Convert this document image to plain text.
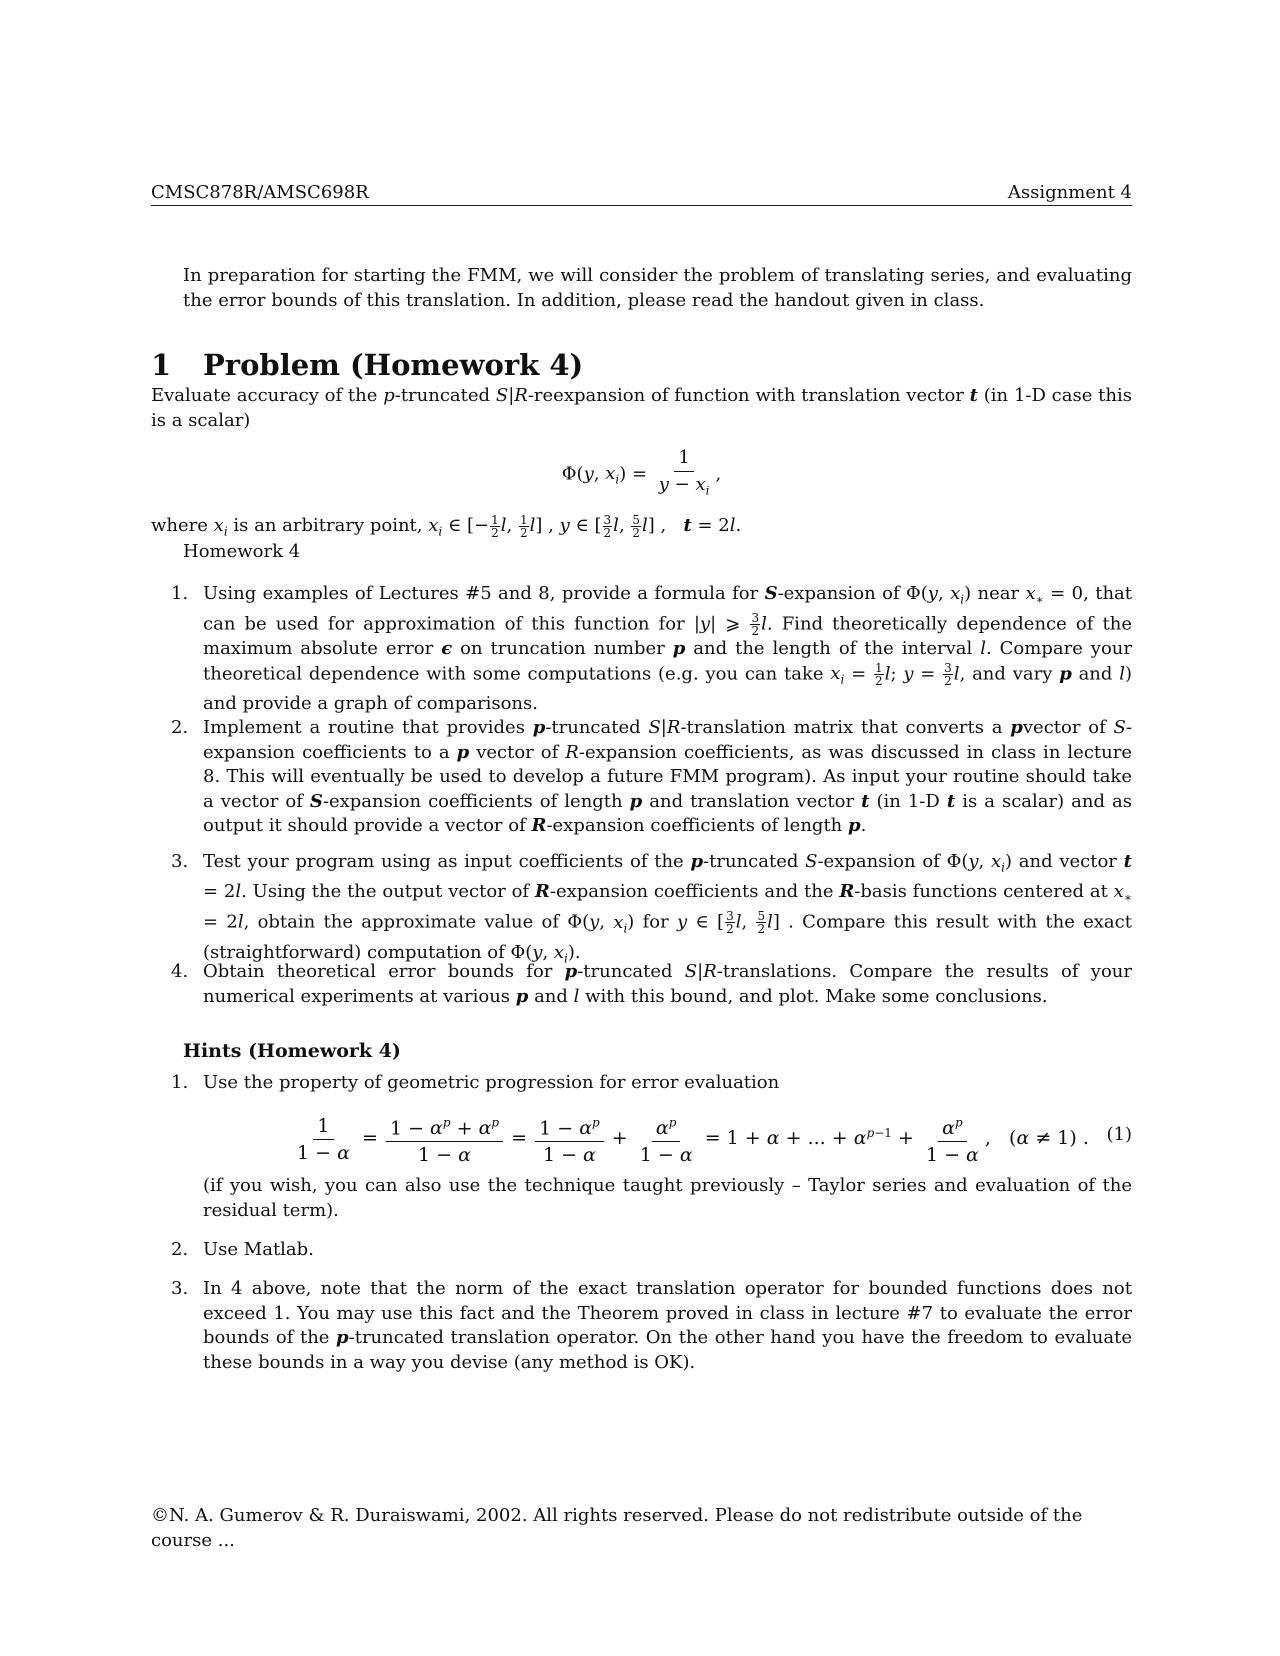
CMSC878R/AMSC698R	Assignment 4
In preparation for starting the FMM, we will consider the problem of translating series, and evaluating the error bounds of this translation. In addition, please read the handout given in class.
1 Problem (Homework 4)
Evaluate accuracy of the p-truncated S|R-reexpansion of function with translation vector t (in 1-D case this is a scalar)
Φ(y, $x_i) = \frac{1}{y - x_i}$ ,
where $x_i$ is an arbitrary point, $x_i$ ∈ [− $\frac{1}{2} l$, $\frac{1}{2} l$] , y ∈ [ $\frac{3}{2} l$, $\frac{5}{2} l$] ,   t = 2l.
Homework 4
1. Using examples of Lectures #5 and 8, provide a formula for S-expansion of Φ(y, $x_i$) near $x_∗ = 0$, that can be used for approximation of this function for |y| ⩾ $\frac{3}{2} l$. Find theoretically dependence of the maximum absolute error ϵ on truncation number p and the length of the interval l. Compare your theoretical dependence with some computations (e.g. you can take $x_i = \frac{1}{2} l$; $y = \frac{3}{2} l$, and vary p and l) and provide a graph of comparisons.
2. Implement a routine that provides p-truncated S|R-translation matrix that converts a pvector of S-expansion coefficients to a p vector of R-expansion coefficients, as was discussed in class in lecture 8. This will eventually be used to develop a future FMM program). As input your routine should take a vector of S-expansion coefficients of length p and translation vector t (in 1-D t is a scalar) and as output it should provide a vector of R-expansion coefficients of length p.
3. Test your program using as input coefficients of the p-truncated S-expansion of Φ(y, $x_i$) and vector t = 2l. Using the the output vector of R-expansion coefficients and the R-basis functions centered at $x_∗ = 2l$, obtain the approximate value of Φ(y, $x_i$) for y ∈ [ $\frac{3}{2} l$, $\frac{5}{2} l$] . Compare this result with the exact (straightforward) computation of Φ(y, $x_i$).
4. Obtain theoretical error bounds for p-truncated S|R-translations. Compare the results of your numerical experiments at various p and l with this bound, and plot. Make some conclusions.
Hints (Homework 4)
1. Use the property of geometric progression for error evaluation
$\frac{1}{1 - \alpha} = \frac{1 - \alpha^p + \alpha^p}{1 - \alpha} = \frac{1 - \alpha^p}{1 - \alpha} + \frac{\alpha^p}{1 - \alpha} = 1 + \alpha$ + ... + $\alpha^{p-1} + \frac{\alpha^p}{1 - \alpha}$ ,   (α ≠ 1) . (1)
(if you wish, you can also use the technique taught previously – Taylor series and evaluation of the residual term).
2. Use Matlab.
3. In 4 above, note that the norm of the exact translation operator for bounded functions does not exceed 1. You may use this fact and the Theorem proved in class in lecture #7 to evaluate the error bounds of the p-truncated translation operator. On the other hand you have the freedom to evaluate these bounds in a way you devise (any method is OK).
©N. A. Gumerov & R. Duraiswami, 2002. All rights reserved. Please do not redistribute outside of the course ...
